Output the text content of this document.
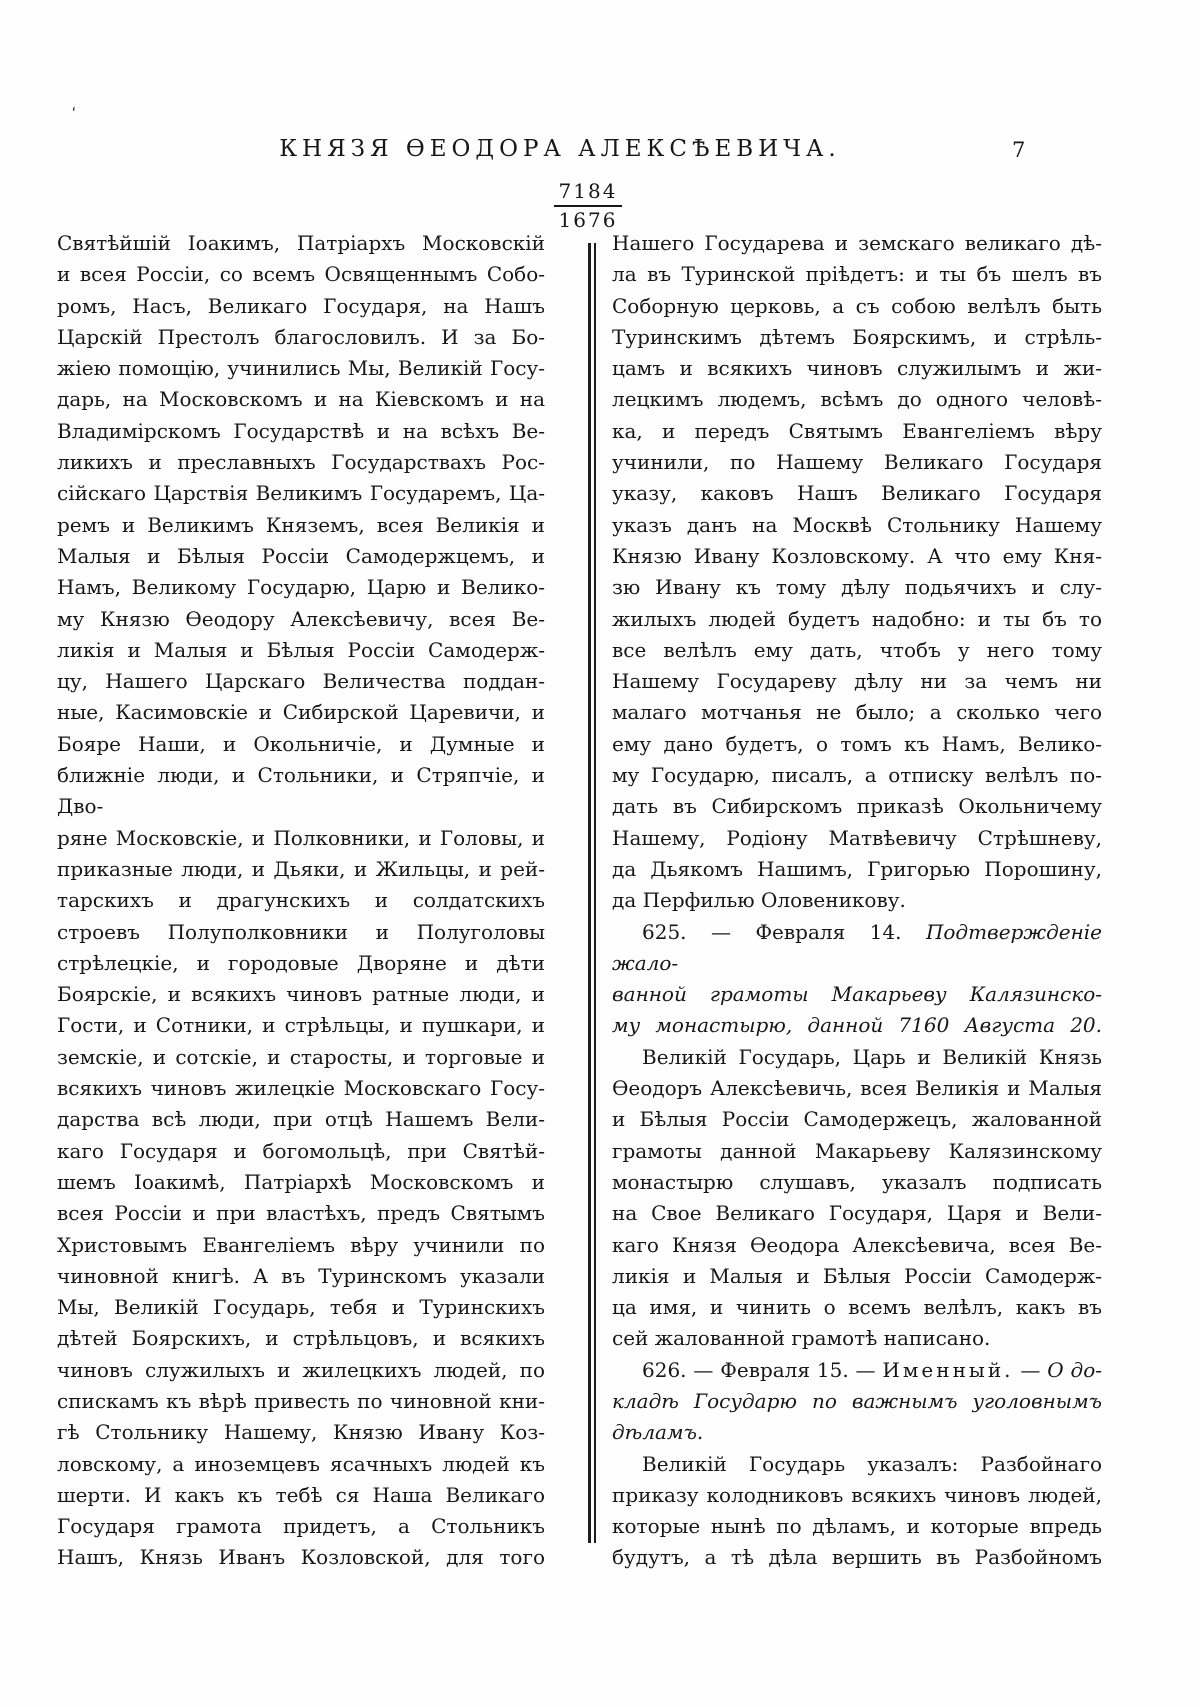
ʻ
КНЯЗЯ ѲЕОДОРА АЛЕКСѢЕВИЧА.	7
$\frac{7184}{1676}$
Святѣйшій Іоакимъ, Патріархъ Московскій
и всея Россіи, со всемъ Освященнымъ Собо-
ромъ, Насъ, Великаго Государя, на Нашъ
Царскій Престолъ благословилъ. И за Бо-
жіею помощію, учинились Мы, Великій Госу-
дарь, на Московскомъ и на Кіевскомъ и на
Владимірскомъ Государствѣ и на всѣхъ Ве-
ликихъ и преславныхъ Государствахъ Рос-
сійскаго Царствія Великимъ Государемъ, Ца-
ремъ и Великимъ Княземъ, всея Великія и
Малыя и Бѣлыя Россіи Самодержцемъ, и
Намъ, Великому Государю, Царю и Велико-
му Князю Ѳеодору Алексѣевичу, всея Ве-
ликія и Малыя и Бѣлыя Россіи Самодерж-
цу, Нашего Царскаго Величества поддан-
ные, Касимовскіе и Сибирской Царевичи, и
Бояре Наши, и Окольничіе, и Думные и
ближніе люди, и Стольники, и Стряпчіе, и Дво-
ряне Московскіе, и Полковники, и Головы, и
приказные люди, и Дьяки, и Жильцы, и рей-
тарскихъ и драгунскихъ и солдатскихъ
строевъ Полуполковники и Полуголовы
стрѣлецкіе, и городовые Дворяне и дѣти
Боярскіе, и всякихъ чиновъ ратные люди, и
Гости, и Сотники, и стрѣльцы, и пушкари, и
земскіе, и сотскіе, и старосты, и торговые и
всякихъ чиновъ жилецкіе Московскаго Госу-
дарства всѣ люди, при отцѣ Нашемъ Вели-
каго Государя и богомольцѣ, при Святѣй-
шемъ Іоакимѣ, Патріархѣ Московскомъ и
всея Россіи и при властѣхъ, предъ Святымъ
Христовымъ Евангеліемъ вѣру учинили по
чиновной книгѣ. А въ Туринскомъ указали
Мы, Великій Государь, тебя и Туринскихъ
дѣтей Боярскихъ, и стрѣльцовъ, и всякихъ
чиновъ служилыхъ и жилецкихъ людей, по
спискамъ къ вѣрѣ привесть по чиновной кни-
гѣ Стольнику Нашему, Князю Ивану Коз-
ловскому, а иноземцевъ ясачныхъ людей къ
шерти. И какъ къ тебѣ ся Наша Великаго
Государя грамота придетъ, а Стольникъ
Нашъ, Князь Иванъ Козловской, для того
Нашего Государева и земскаго великаго дѣ-
ла въ Туринской пріѣдетъ: и ты бъ шелъ въ
Соборную церковь, а съ собою велѣлъ быть
Туринскимъ дѣтемъ Боярскимъ, и стрѣль-
цамъ и всякихъ чиновъ служилымъ и жи-
лецкимъ людемъ, всѣмъ до одного человѣ-
ка, и передъ Святымъ Евангеліемъ вѣру
учинили, по Нашему Великаго Государя
указу, каковъ Нашъ Великаго Государя
указъ данъ на Москвѣ Стольнику Нашему
Князю Ивану Козловскому. А что ему Кня-
зю Ивану къ тому дѣлу подьячихъ и слу-
жилыхъ людей будетъ надобно: и ты бъ то
все велѣлъ ему дать, чтобъ у него тому
Нашему Государеву дѣлу ни за чемъ ни
малаго мотчанья не было; а сколько чего
ему дано будетъ, о томъ къ Намъ, Велико-
му Государю, писалъ, а отписку велѣлъ по-
дать въ Сибирскомъ приказѣ Окольничему
Нашему, Родіону Матвѣевичу Стрѣшневу,
да Дьякомъ Нашимъ, Григорью Порошину,
да Перфилью Оловеникову.
625. — Февраля 14. Подтвержденіе жало-
ванной грамоты Макарьеву Калязинско-
му монастырю, данной 7160 Августа 20.
Великій Государь, Царь и Великій Князь
Ѳеодоръ Алексѣевичь, всея Великія и Малыя
и Бѣлыя Россіи Самодержецъ, жалованной
грамоты данной Макарьеву Калязинскому
монастырю слушавъ, указалъ подписать
на Свое Великаго Государя, Царя и Вели-
каго Князя Ѳеодора Алексѣевича, всея Ве-
ликія и Малыя и Бѣлыя Россіи Самодерж-
ца имя, и чинить о всемъ велѣлъ, какъ въ
сей жалованной грамотѣ написано.
626. — Февраля 15. — Именный. — О до-
кладѣ Государю по важнымъ уголовнымъ
дѣламъ.
Великій Государь указалъ: Разбойнаго
приказу колодниковъ всякихъ чиновъ людей,
которые нынѣ по дѣламъ, и которые впредь
будутъ, а тѣ дѣла вершить въ Разбойномъ
